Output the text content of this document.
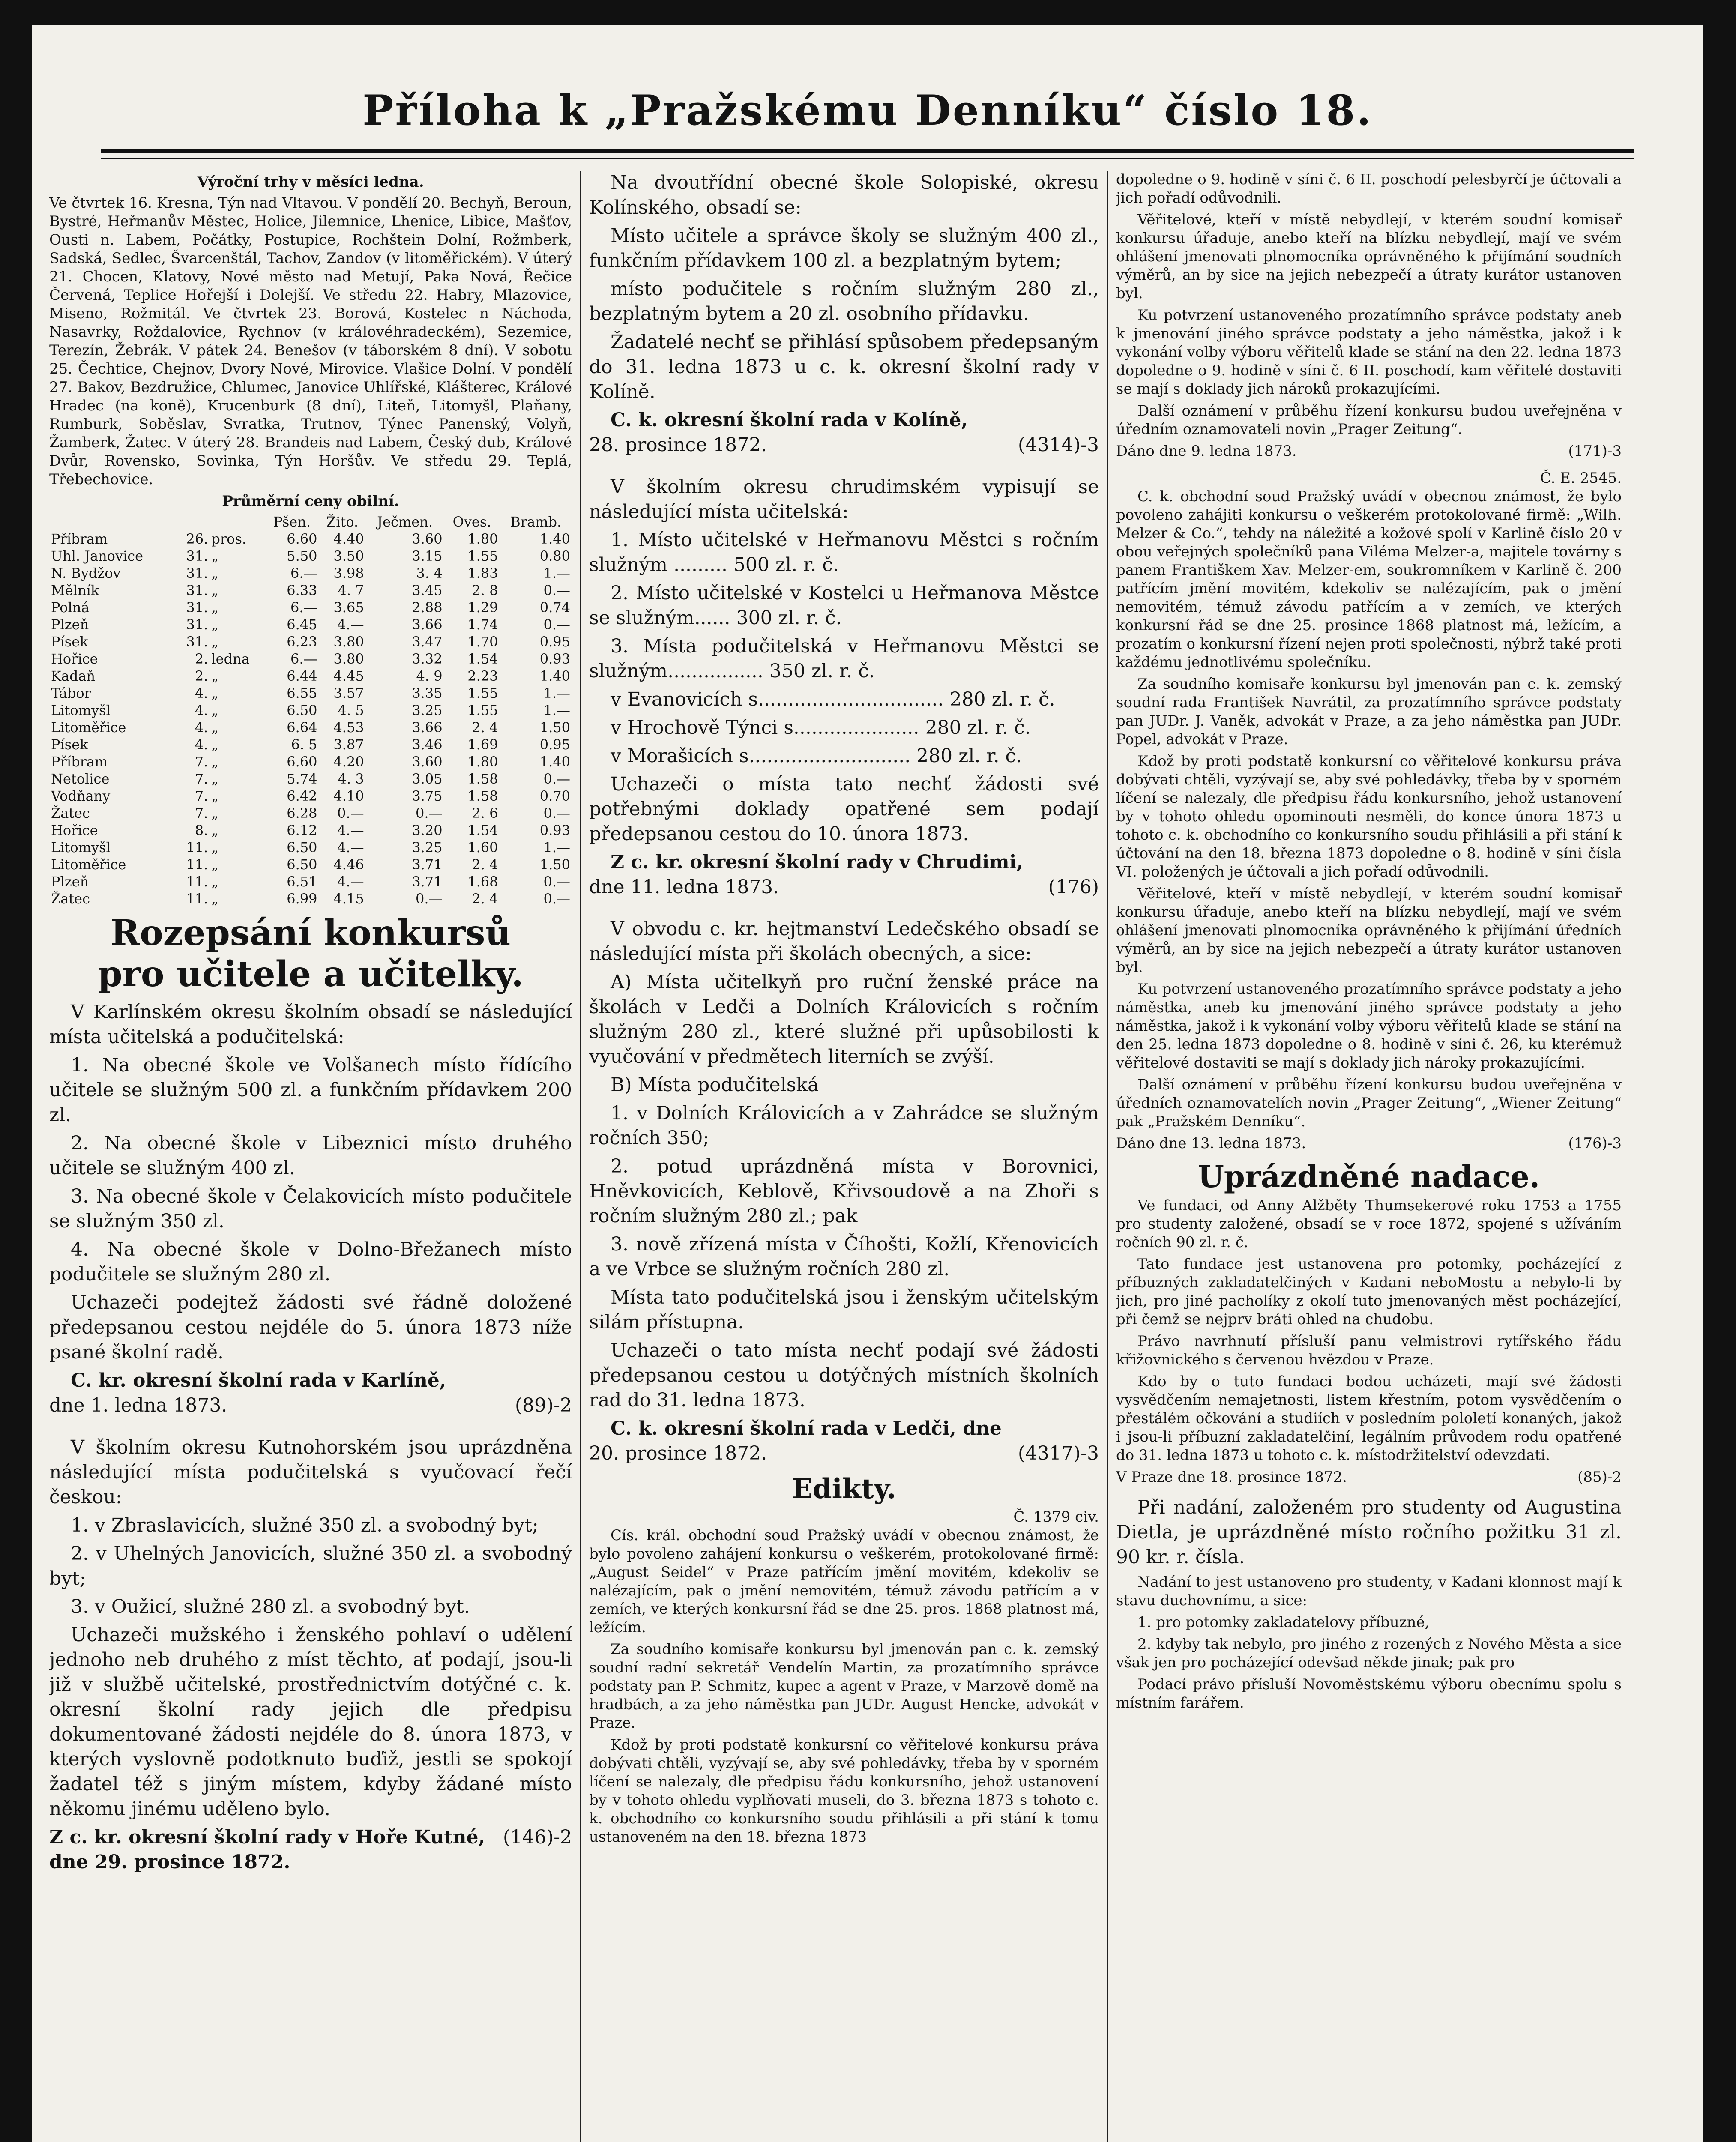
Příloha k „Pražskému Denníku“ číslo 18.
Výroční trhy v měsíci ledna.

Ve čtvrtek 16. Kresna, Týn nad Vltavou. V pondělí 20. Bechyň, Beroun, Bystré, Heřmanův Městec, Holice, Jilemnice, Lhenice, Libice, Mašťov, Ousti n. Labem, Počátky, Postupice, Rochštein Dolní, Rožmberk, Sadská, Sedlec, Švarcenštál, Tachov, Zandov (v litoměřickém). V úterý 21. Chocen, Klatovy, Nové město nad Metují, Paka Nová, Řečice Červená, Teplice Hořejší i Dolejší. Ve středu 22. Habry, Mlazovice, Miseno, Rožmitál. Ve čtvrtek 23. Borová, Kostelec n Náchoda, Nasavrky, Roždalovice, Rychnov (v královéhradeckém), Sezemice, Terezín, Žebrák. V pátek 24. Benešov (v táborském 8 dní). V sobotu 25. Čechtice, Chejnov, Dvory Nové, Mirovice. Vlašice Dolní. V pondělí 27. Bakov, Bezdružice, Chlumec, Janovice Uhlířské, Klášterec, Králové Hradec (na koně), Krucenburk (8 dní), Liteň, Litomyšl, Plaňany, Rumburk, Soběslav, Svratka, Trutnov, Týnec Panenský, Volyň, Žamberk, Žatec. V úterý 28. Brandeis nad Labem, Český dub, Králové Dvůr, Rovensko, Sovinka, Týn Horšův. Ve středu 29. Teplá, Třebechovice.

Průměrní ceny obilní.
			Pšen.	Žito.	Ječmen.	Oves.	Bramb.
Příbram	26.	pros.	6.60	4.40	3.60	1.80	1.40
Uhl. Janovice	31.	„	5.50	3.50	3.15	1.55	0.80
N. Bydžov	31.	„	6.—	3.98	3. 4	1.83	1.—
Mělník	31.	„	6.33	4. 7	3.45	2. 8	0.—
Polná	31.	„	6.—	3.65	2.88	1.29	0.74
Plzeň	31.	„	6.45	4.—	3.66	1.74	0.—
Písek	31.	„	6.23	3.80	3.47	1.70	0.95
Hořice	2.	ledna	6.—	3.80	3.32	1.54	0.93
Kadaň	2.	„	6.44	4.45	4. 9	2.23	1.40
Tábor	4.	„	6.55	3.57	3.35	1.55	1.—
Litomyšl	4.	„	6.50	4. 5	3.25	1.55	1.—
Litoměřice	4.	„	6.64	4.53	3.66	2. 4	1.50
Písek	4.	„	6. 5	3.87	3.46	1.69	0.95
Příbram	7.	„	6.60	4.20	3.60	1.80	1.40
Netolice	7.	„	5.74	4. 3	3.05	1.58	0.—
Vodňany	7.	„	6.42	4.10	3.75	1.58	0.70
Žatec	7.	„	6.28	0.—	0.—	2. 6	0.—
Hořice	8.	„	6.12	4.—	3.20	1.54	0.93
Litomyšl	11.	„	6.50	4.—	3.25	1.60	1.—
Litoměřice	11.	„	6.50	4.46	3.71	2. 4	1.50
Plzeň	11.	„	6.51	4.—	3.71	1.68	0.—
Žatec	11.	„	6.99	4.15	0.—	2. 4	0.—
Rozepsání konkursů
pro učitele a učitelky.

V Karlínském okresu školním obsadí se následující místa učitelská a podučitelská:

1. Na obecné škole ve Volšanech místo řídícího učitele se služným 500 zl. a funkčním přídavkem 200 zl.

2. Na obecné škole v Libeznici místo druhého učitele se služným 400 zl.

3. Na obecné škole v Čelakovicích místo podučitele se služným 350 zl.

4. Na obecné škole v Dolno-Břežanech místo podučitele se služným 280 zl.

Uchazeči podejtež žádosti své řádně doložené předepsanou cestou nejdéle do 5. února 1873 níže psané školní radě.

C. kr. okresní školní rada v Karlíně,
dne 1. ledna 1873.	(89)-2

V školním okresu Kutnohorském jsou uprázdněna následující místa podučitelská s vyučovací řečí českou:

1. v Zbraslavicích, služné 350 zl. a svobodný byt;

2. v Uhelných Janovicích, služné 350 zl. a svobodný byt;

3. v Oužicí, služné 280 zl. a svobodný byt.

Uchazeči mužského i ženského pohlaví o udělení jednoho neb druhého z míst těchto, ať podají, jsou-li již v službě učitelské, prostřednictvím dotýčné c. k. okresní školní rady jejich dle předpisu dokumentované žádosti nejdéle do 8. února 1873, v kterých vyslovně podotknuto buďiž, jestli se spokojí žadatel též s jiným místem, kdyby žádané místo někomu jinému uděleno bylo.

Z c. kr. okresní školní rady v Hoře Kutné, dne 29. prosince 1872.
(146)-2

Na dvoutřídní obecné škole Solopiské, okresu Kolínského, obsadí se:

Místo učitele a správce školy se služným 400 zl., funkčním přídavkem 100 zl. a bezplatným bytem;

místo podučitele s ročním služným 280 zl., bezplatným bytem a 20 zl. osobního přídavku.

Žadatelé nechť se přihlásí spůsobem předepsaným do 31. ledna 1873 u c. k. okresní školní rady v Kolíně.

C. k. okresní školní rada v Kolíně,
28. prosince 1872.	(4314)-3

V školním okresu chrudimském vypisují se následující místa učitelská:

1. Místo učitelské v Heřmanovu Městci s ročním služným ......... 500 zl. r. č.

2. Místo učitelské v Kostelci u Heřmanova Městce se služným...... 300 zl. r. č.

3. Místa podučitelská v Heřmanovu Městci se služným................ 350 zl. r. č.

v Evanovicích s............................... 280 zl. r. č.

v Hrochově Týnci s..................... 280 zl. r. č.

v Morašicích s........................... 280 zl. r. č.

Uchazeči o místa tato nechť žádosti své potřebnými doklady opatřené sem podají předepsanou cestou do 10. února 1873.

Z c. kr. okresní školní rady v Chrudimi,
dne 11. ledna 1873.	(176)

V obvodu c. kr. hejtmanství Ledečského obsadí se následující místa při školách obecných, a sice:

A) Místa učitelkyň pro ruční ženské práce na školách v Ledči a Dolních Královicích s ročním služným 280 zl., které služné při upůsobilosti k vyučování v předmětech literních se zvýší.

B) Místa podučitelská

1. v Dolních Královicích a v Zahrádce se služným ročních 350;

2. potud uprázdněná místa v Borovnici, Hněvkovicích, Keblově, Křivsoudově a na Zhoři s ročním služným 280 zl.; pak

3. nově zřízená místa v Číhošti, Kožlí, Křenovicích a ve Vrbce se služným ročních 280 zl.

Místa tato podučitelská jsou i ženským učitelským silám přístupna.

Uchazeči o tato místa nechť podají své žádosti předepsanou cestou u dotýčných místních školních rad do 31. ledna 1873.

C. k. okresní školní rada v Ledči, dne
20. prosince 1872.	(4317)-3
Edikty.
Č. 1379 civ.

Cís. král. obchodní soud Pražský uvádí v obecnou známost, že bylo povoleno zahájení konkursu o veškerém, protokolované firmě: „August Seidel“ v Praze patřícím jmění movitém, kdekoliv se nalézajícím, pak o jmění nemovitém, témuž závodu patřícím a v zemích, ve kterých konkursní řád se dne 25. pros. 1868 platnost má, ležícím.

Za soudního komisaře konkursu byl jmenován pan c. k. zemský soudní radní sekretář Vendelín Martin, za prozatímního správce podstaty pan P. Schmitz, kupec a agent v Praze, v Marzově domě na hradbách, a za jeho náměstka pan JUDr. August Hencke, advokát v Praze.

Kdož by proti podstatě konkursní co věřitelové konkursu práva dobývati chtěli, vyzývají se, aby své pohledávky, třeba by v sporném líčení se nalezaly, dle předpisu řádu konkursního, jehož ustanovení by v tohoto ohledu vyplňovati museli, do 3. března 1873 s tohoto c. k. obchodního co konkursního soudu přihlásili a při stání k tomu ustanoveném na den 18. března 1873

dopoledne o 9. hodině v síni č. 6 II. poschodí pelesbyrčí je účtovali a jich pořadí odůvodnili.

Věřitelové, kteří v místě nebydlejí, v kterém soudní komisař konkursu úřaduje, anebo kteří na blízku nebydlejí, mají ve svém ohlášení jmenovati plnomocníka oprávněného k přijímání soudních výměrů, an by sice na jejich nebezpečí a útraty kurátor ustanoven byl.

Ku potvrzení ustanoveného prozatímního správce podstaty aneb k jmenování jiného správce podstaty a jeho náměstka, jakož i k vykonání volby výboru věřitelů klade se stání na den 22. ledna 1873 dopoledne o 9. hodině v síni č. 6 II. poschodí, kam věřitelé dostaviti se mají s doklady jich nároků prokazujícími.

Další oznámení v průběhu řízení konkursu budou uveřejněna v úředním oznamovateli novin „Prager Zeitung“.

Dáno dne 9. ledna 1873.	(171)-3
Č. E. 2545.

C. k. obchodní soud Pražský uvádí v obecnou známost, že bylo povoleno zahájiti konkursu o veškerém protokolované firmě: „Wilh. Melzer & Co.“, tehdy na náležité a kožové spolí v Karlině číslo 20 v obou veřejných společníků pana Viléma Melzer-a, majitele továrny s panem Františkem Xav. Melzer-em, soukromníkem v Karlině č. 200 patřícím jmění movitém, kdekoliv se nalézajícím, pak o jmění nemovitém, témuž závodu patřícím a v zemích, ve kterých konkursní řád se dne 25. prosince 1868 platnost má, ležícím, a prozatím o konkursní řízení nejen proti společnosti, nýbrž také proti každému jednotlivému společníku.

Za soudního komisaře konkursu byl jmenován pan c. k. zemský soudní rada František Navrátil, za prozatímního správce podstaty pan JUDr. J. Vaněk, advokát v Praze, a za jeho náměstka pan JUDr. Popel, advokát v Praze.

Kdož by proti podstatě konkursní co věřitelové konkursu práva dobývati chtěli, vyzývají se, aby své pohledávky, třeba by v sporném líčení se nalezaly, dle předpisu řádu konkursního, jehož ustanovení by v tohoto ohledu opominouti nesměli, do konce února 1873 u tohoto c. k. obchodního co konkursního soudu přihlásili a při stání k účtování na den 18. března 1873 dopoledne o 8. hodině v síni čísla VI. položených je účtovali a jich pořadí odůvodnili.

Věřitelové, kteří v místě nebydlejí, v kterém soudní komisař konkursu úřaduje, anebo kteří na blízku nebydlejí, mají ve svém ohlášení jmenovati plnomocníka oprávněného k přijímání úředních výměrů, an by sice na jejich nebezpečí a útraty kurátor ustanoven byl.

Ku potvrzení ustanoveného prozatímního správce podstaty a jeho náměstka, aneb ku jmenování jiného správce podstaty a jeho náměstka, jakož i k vykonání volby výboru věřitelů klade se stání na den 25. ledna 1873 dopoledne o 8. hodině v síni č. 26, ku kterémuž věřitelové dostaviti se mají s doklady jich nároky prokazujícími.

Další oznámení v průběhu řízení konkursu budou uveřejněna v úředních oznamovatelích novin „Prager Zeitung“, „Wiener Zeitung“ pak „Pražském Denníku“.

Dáno dne 13. ledna 1873.	(176)-3
Uprázdněné nadace.

Ve fundaci, od Anny Alžběty Thumsekerové roku 1753 a 1755 pro studenty založené, obsadí se v roce 1872, spojené s užíváním ročních 90 zl. r. č.

Tato fundace jest ustanovena pro potomky, pocházející z příbuzných zakladatelčiných v Kadani neboMostu a nebylo-li by jich, pro jiné pacholíky z okolí tuto jmenovaných měst pocházející, při čemž se nejprv bráti ohled na chudobu.

Právo navrhnutí přísluší panu velmistrovi rytířského řádu křižovnického s červenou hvězdou v Praze.

Kdo by o tuto fundaci bodou ucházeti, mají své žádosti vysvědčením nemajetnosti, listem křestním, potom vysvědčením o přestálém očkování a studiích v posledním pololetí konaných, jakož i jsou-li příbuzní zakladatelčiní, legálním průvodem rodu opatřené do 31. ledna 1873 u tohoto c. k. místodržitelství odevzdati.

V Praze dne 18. prosince 1872.	(85)-2

Při nadání, založeném pro studenty od Augustina Dietla, je uprázdněné místo ročního požitku 31 zl. 90 kr. r. čísla.

Nadání to jest ustanoveno pro studenty, v Kadani klonnost mají k stavu duchovnímu, a sice:

1. pro potomky zakladatelovy příbuzné,

2. kdyby tak nebylo, pro jiného z rozených z Nového Města a sice však jen pro pocházející odevšad někde jinak; pak pro

Podací právo přísluší Novoměstskému výboru obecnímu spolu s místním farářem.
